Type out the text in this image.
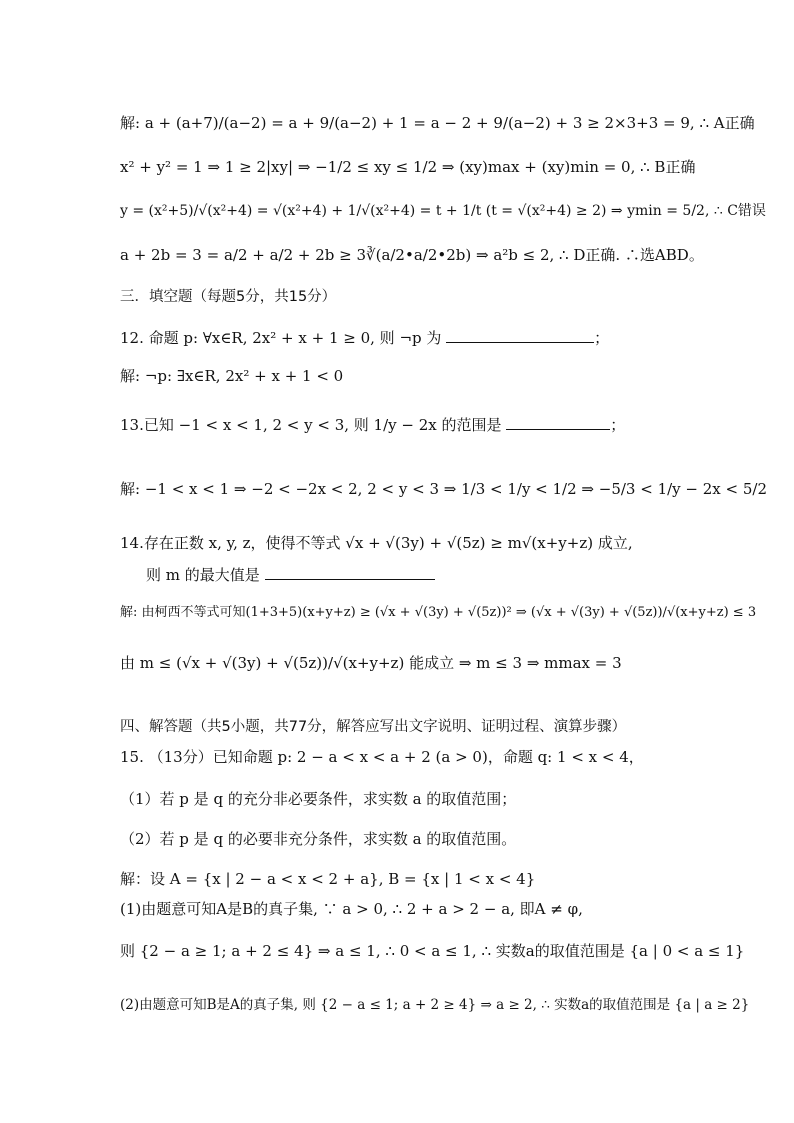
解: a + (a+7)/(a−2) = a + 9/(a−2) + 1 = a − 2 + 9/(a−2) + 3 ≥ 2×3+3 = 9, ∴ A正确
x² + y² = 1 ⇒ 1 ≥ 2|xy| ⇒ −1/2 ≤ xy ≤ 1/2 ⇒ (xy)max + (xy)min = 0, ∴ B正确
y = (x²+5)/√(x²+4) = √(x²+4) + 1/√(x²+4) = t + 1/t (t = √(x²+4) ≥ 2) ⇒ ymin = 5/2, ∴ C错误
a + 2b = 3 = a/2 + a/2 + 2b ≥ 3∛(a/2•a/2•2b) ⇒ a²b ≤ 2, ∴ D正确. ∴选ABD。
三．填空题（每题5分，共15分）
12. 命题 p: ∀x∈R, 2x² + x + 1 ≥ 0, 则 ¬p 为	；
解: ¬p: ∃x∈R, 2x² + x + 1 < 0
13.已知 −1 < x < 1, 2 < y < 3, 则 1/y − 2x 的范围是	；
解: −1 < x < 1 ⇒ −2 < −2x < 2, 2 < y < 3 ⇒ 1/3 < 1/y < 1/2 ⇒ −5/3 < 1/y − 2x < 5/2
14.存在正数 x, y, z，使得不等式 √x + √(3y) + √(5z) ≥ m√(x+y+z) 成立,
则 m 的最大值是
解: 由柯西不等式可知(1+3+5)(x+y+z) ≥ (√x + √(3y) + √(5z))² ⇒ (√x + √(3y) + √(5z))/√(x+y+z) ≤ 3
由 m ≤ (√x + √(3y) + √(5z))/√(x+y+z) 能成立 ⇒ m ≤ 3 ⇒ mmax = 3
四、解答题（共5小题，共77分，解答应写出文字说明、证明过程、演算步骤）
15. （13分）已知命题 p: 2 − a < x < a + 2 (a > 0)，命题 q: 1 < x < 4，
（1）若 p 是 q 的充分非必要条件，求实数 a 的取值范围；
（2）若 p 是 q 的必要非充分条件，求实数 a 的取值范围。
解：设 A = {x | 2 − a < x < 2 + a}, B = {x | 1 < x < 4}
(1)由题意可知A是B的真子集, ∵ a > 0, ∴ 2 + a > 2 − a, 即A ≠ φ,
则 {2 − a ≥ 1; a + 2 ≤ 4} ⇒ a ≤ 1, ∴ 0 < a ≤ 1, ∴ 实数a的取值范围是 {a | 0 < a ≤ 1}
(2)由题意可知B是A的真子集, 则 {2 − a ≤ 1; a + 2 ≥ 4} ⇒ a ≥ 2, ∴ 实数a的取值范围是 {a | a ≥ 2}
